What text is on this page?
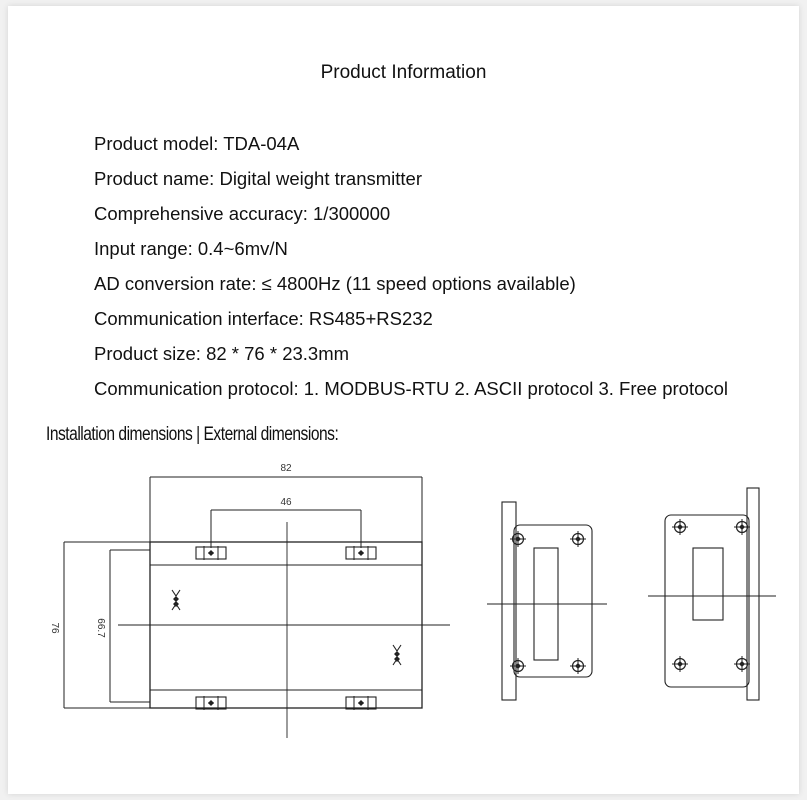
Product Information
Product model: TDA-04A
Product name: Digital weight transmitter
Comprehensive accuracy: 1/300000
Input range: 0.4~6mv/N
AD conversion rate: ≤ 4800Hz (11 speed options available)
Communication interface: RS485+RS232
Product size: 82 * 76 * 23.3mm
Communication protocol: 1. MODBUS-RTU 2. ASCII protocol 3. Free protocol
Installation dimensions | External dimensions:
82
46
76	66.7
